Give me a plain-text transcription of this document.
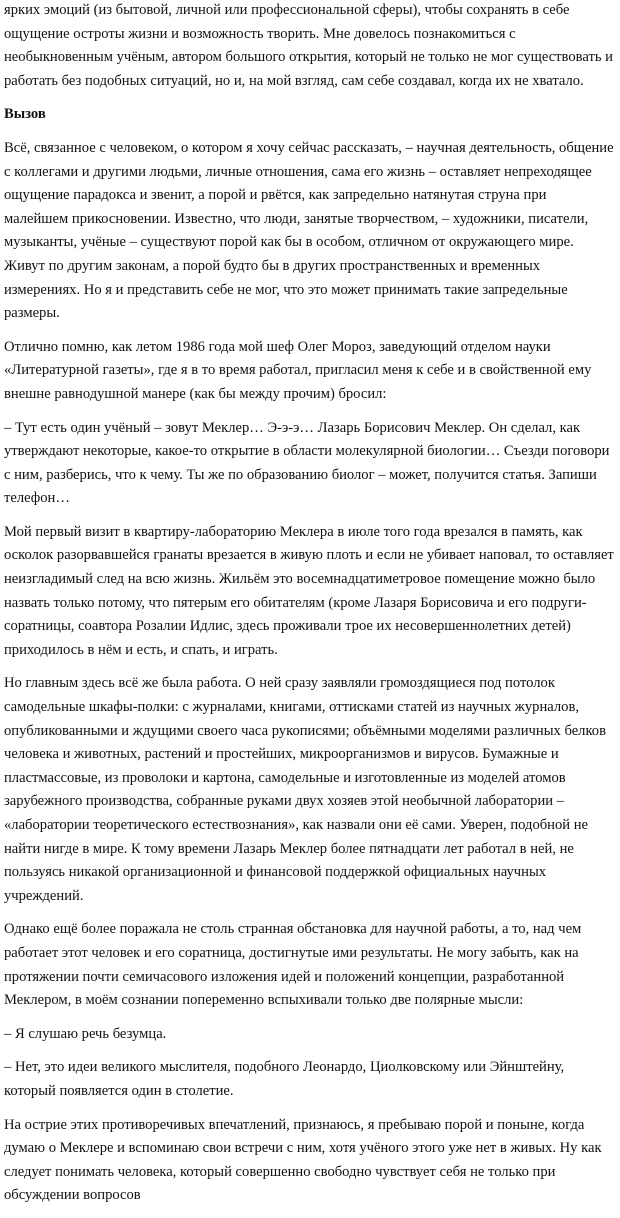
ярких эмоций (из бытовой, личной или профессиональной сферы), чтобы сохранять в себе ощущение остроты жизни и возможность творить. Мне довелось познакомиться с необыкновенным учёным, автором большого открытия, который не только не мог существовать и работать без подобных ситуаций, но и, на мой взгляд, сам себе создавал, когда их не хватало.

Вызов

Всё, связанное с человеком, о котором я хочу сейчас рассказать, – научная деятельность, общение с коллегами и другими людьми, личные отношения, сама его жизнь – оставляет непреходящее ощущение парадокса и звенит, а порой и рвётся, как запредельно натянутая струна при малейшем прикосновении. Известно, что люди, занятые творчеством, – художники, писатели, музыканты, учёные – существуют порой как бы в особом, отличном от окружающего мире. Живут по другим законам, а порой будто бы в других пространственных и временных измерениях. Но я и представить себе не мог, что это может принимать такие запредельные размеры.

Отлично помню, как летом 1986 года мой шеф Олег Мороз, заведующий отделом науки «Литературной газеты», где я в то время работал, пригласил меня к себе и в свойственной ему внешне равнодушной манере (как бы между прочим) бросил:

– Тут есть один учёный – зовут Меклер… Э-э-э… Лазарь Борисович Меклер. Он сделал, как утверждают некоторые, какое-то открытие в области молекулярной биологии… Съезди поговори с ним, разберись, что к чему. Ты же по образованию биолог – может, получится статья. Запиши телефон…

Мой первый визит в квартиру-лабораторию Меклера в июле того года врезался в память, как осколок разорвавшейся гранаты врезается в живую плоть и если не убивает наповал, то оставляет неизгладимый след на всю жизнь. Жильём это восемнадцатиметровое помещение можно было назвать только потому, что пятерым его обитателям (кроме Лазаря Борисовича и его подруги-соратницы, соавтора Розалии Идлис, здесь проживали трое их несовершеннолетних детей) приходилось в нём и есть, и спать, и играть.

Но главным здесь всё же была работа. О ней сразу заявляли громоздящиеся под потолок самодельные шкафы-полки: с журналами, книгами, оттисками статей из научных журналов, опубликованными и ждущими своего часа рукописями; объёмными моделями различных белков человека и животных, растений и простейших, микроорганизмов и вирусов. Бумажные и пластмассовые, из проволоки и картона, самодельные и изготовленные из моделей атомов зарубежного производства, собранные руками двух хозяев этой необычной лаборатории – «лаборатории теоретического естествознания», как назвали они её сами. Уверен, подобной не найти нигде в мире. К тому времени Лазарь Меклер более пятнадцати лет работал в ней, не пользуясь никакой организационной и финансовой поддержкой официальных научных учреждений.

Однако ещё более поражала не столь странная обстановка для научной работы, а то, над чем работает этот человек и его соратница, достигнутые ими результаты. Не могу забыть, как на протяжении почти семичасового изложения идей и положений концепции, разработанной Меклером, в моём сознании попеременно вспыхивали только две полярные мысли:

– Я слушаю речь безумца.

– Нет, это идеи великого мыслителя, подобного Леонардо, Циолковскому или Эйнштейну, который появляется один в столетие.

На острие этих противоречивых впечатлений, признаюсь, я пребываю порой и поныне, когда думаю о Меклере и вспоминаю свои встречи с ним, хотя учёного этого уже нет в живых. Ну как следует понимать человека, который совершенно свободно чувствует себя не только при обсуждении вопросов
